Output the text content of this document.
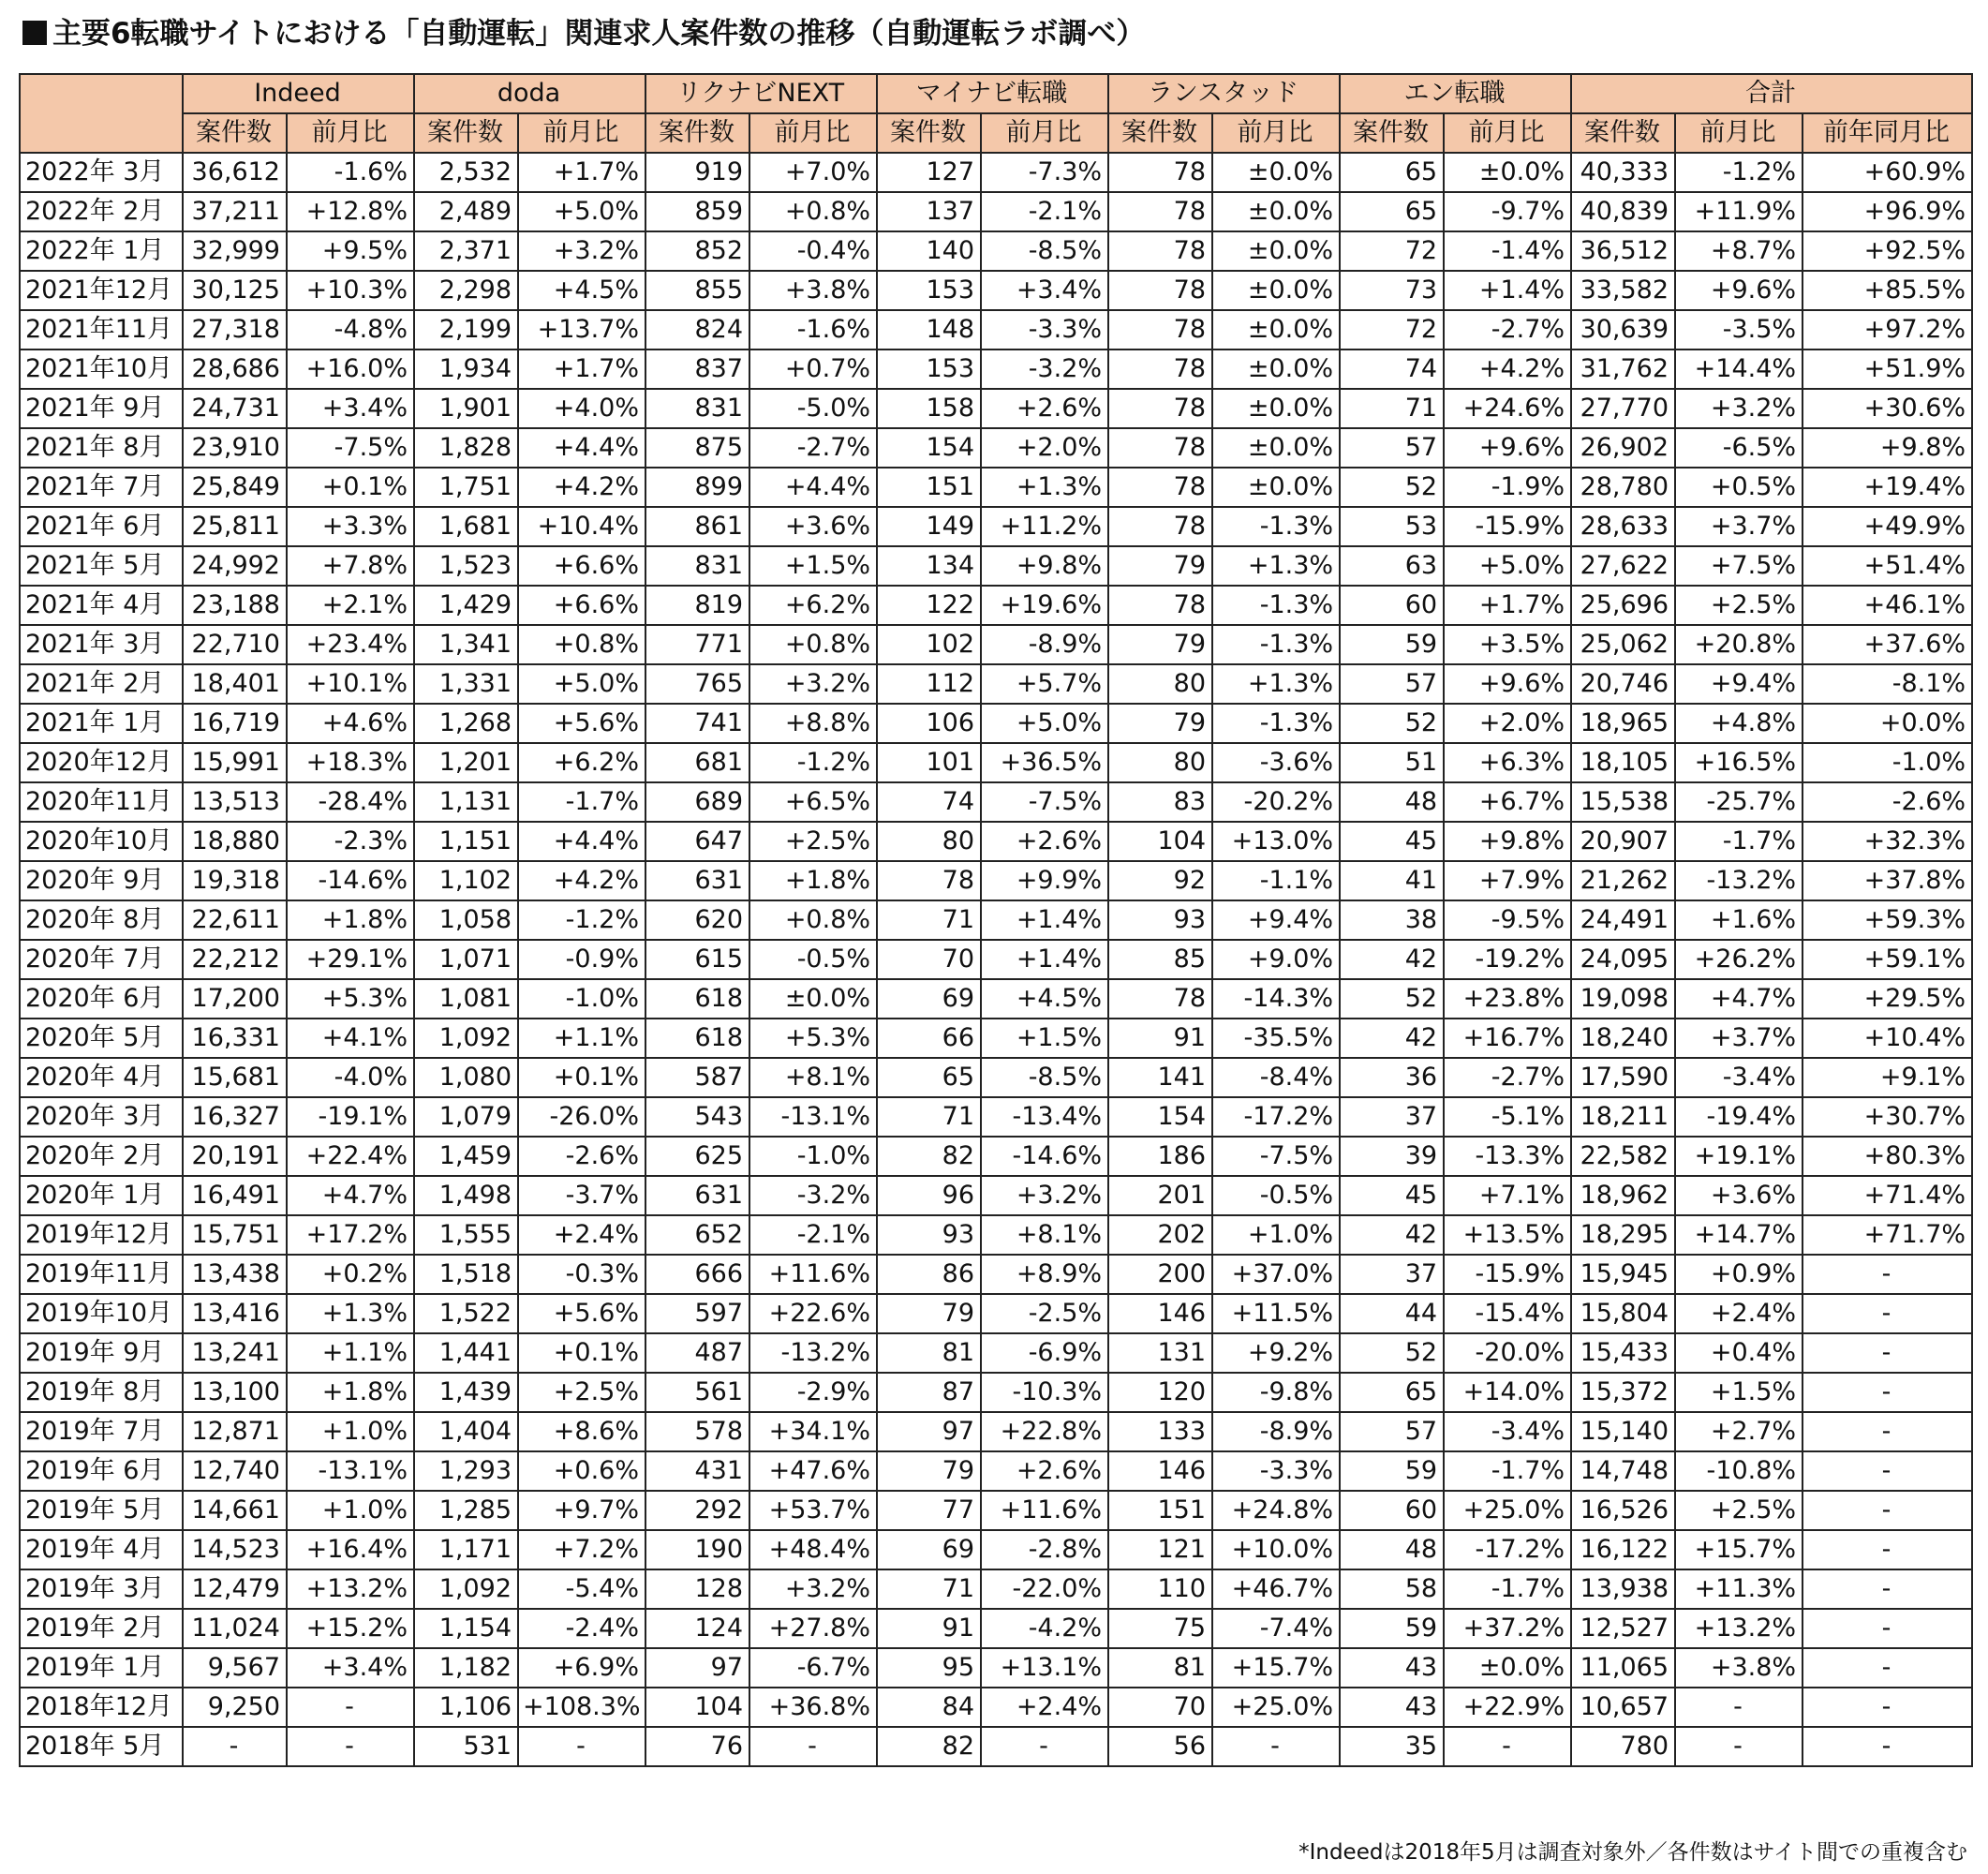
主要6転職サイトにおける「自動運転」関連求人案件数の推移（自動運転ラボ調べ）
	Indeed		doda		リクナビNEXT		マイナビ転職		ランスタッド		エン転職		合計		
	案件数	前月比	案件数	前月比	案件数	前月比	案件数	前月比	案件数	前月比	案件数	前月比	案件数	前月比	前年同月比
2022年 3月	36,612	-1.6%	2,532	+1.7%	919	+7.0%	127	-7.3%	78	±0.0%	65	±0.0%	40,333	-1.2%	+60.9%
2022年 2月	37,211	+12.8%	2,489	+5.0%	859	+0.8%	137	-2.1%	78	±0.0%	65	-9.7%	40,839	+11.9%	+96.9%
2022年 1月	32,999	+9.5%	2,371	+3.2%	852	-0.4%	140	-8.5%	78	±0.0%	72	-1.4%	36,512	+8.7%	+92.5%
2021年12月	30,125	+10.3%	2,298	+4.5%	855	+3.8%	153	+3.4%	78	±0.0%	73	+1.4%	33,582	+9.6%	+85.5%
2021年11月	27,318	-4.8%	2,199	+13.7%	824	-1.6%	148	-3.3%	78	±0.0%	72	-2.7%	30,639	-3.5%	+97.2%
2021年10月	28,686	+16.0%	1,934	+1.7%	837	+0.7%	153	-3.2%	78	±0.0%	74	+4.2%	31,762	+14.4%	+51.9%
2021年 9月	24,731	+3.4%	1,901	+4.0%	831	-5.0%	158	+2.6%	78	±0.0%	71	+24.6%	27,770	+3.2%	+30.6%
2021年 8月	23,910	-7.5%	1,828	+4.4%	875	-2.7%	154	+2.0%	78	±0.0%	57	+9.6%	26,902	-6.5%	+9.8%
2021年 7月	25,849	+0.1%	1,751	+4.2%	899	+4.4%	151	+1.3%	78	±0.0%	52	-1.9%	28,780	+0.5%	+19.4%
2021年 6月	25,811	+3.3%	1,681	+10.4%	861	+3.6%	149	+11.2%	78	-1.3%	53	-15.9%	28,633	+3.7%	+49.9%
2021年 5月	24,992	+7.8%	1,523	+6.6%	831	+1.5%	134	+9.8%	79	+1.3%	63	+5.0%	27,622	+7.5%	+51.4%
2021年 4月	23,188	+2.1%	1,429	+6.6%	819	+6.2%	122	+19.6%	78	-1.3%	60	+1.7%	25,696	+2.5%	+46.1%
2021年 3月	22,710	+23.4%	1,341	+0.8%	771	+0.8%	102	-8.9%	79	-1.3%	59	+3.5%	25,062	+20.8%	+37.6%
2021年 2月	18,401	+10.1%	1,331	+5.0%	765	+3.2%	112	+5.7%	80	+1.3%	57	+9.6%	20,746	+9.4%	-8.1%
2021年 1月	16,719	+4.6%	1,268	+5.6%	741	+8.8%	106	+5.0%	79	-1.3%	52	+2.0%	18,965	+4.8%	+0.0%
2020年12月	15,991	+18.3%	1,201	+6.2%	681	-1.2%	101	+36.5%	80	-3.6%	51	+6.3%	18,105	+16.5%	-1.0%
2020年11月	13,513	-28.4%	1,131	-1.7%	689	+6.5%	74	-7.5%	83	-20.2%	48	+6.7%	15,538	-25.7%	-2.6%
2020年10月	18,880	-2.3%	1,151	+4.4%	647	+2.5%	80	+2.6%	104	+13.0%	45	+9.8%	20,907	-1.7%	+32.3%
2020年 9月	19,318	-14.6%	1,102	+4.2%	631	+1.8%	78	+9.9%	92	-1.1%	41	+7.9%	21,262	-13.2%	+37.8%
2020年 8月	22,611	+1.8%	1,058	-1.2%	620	+0.8%	71	+1.4%	93	+9.4%	38	-9.5%	24,491	+1.6%	+59.3%
2020年 7月	22,212	+29.1%	1,071	-0.9%	615	-0.5%	70	+1.4%	85	+9.0%	42	-19.2%	24,095	+26.2%	+59.1%
2020年 6月	17,200	+5.3%	1,081	-1.0%	618	±0.0%	69	+4.5%	78	-14.3%	52	+23.8%	19,098	+4.7%	+29.5%
2020年 5月	16,331	+4.1%	1,092	+1.1%	618	+5.3%	66	+1.5%	91	-35.5%	42	+16.7%	18,240	+3.7%	+10.4%
2020年 4月	15,681	-4.0%	1,080	+0.1%	587	+8.1%	65	-8.5%	141	-8.4%	36	-2.7%	17,590	-3.4%	+9.1%
2020年 3月	16,327	-19.1%	1,079	-26.0%	543	-13.1%	71	-13.4%	154	-17.2%	37	-5.1%	18,211	-19.4%	+30.7%
2020年 2月	20,191	+22.4%	1,459	-2.6%	625	-1.0%	82	-14.6%	186	-7.5%	39	-13.3%	22,582	+19.1%	+80.3%
2020年 1月	16,491	+4.7%	1,498	-3.7%	631	-3.2%	96	+3.2%	201	-0.5%	45	+7.1%	18,962	+3.6%	+71.4%
2019年12月	15,751	+17.2%	1,555	+2.4%	652	-2.1%	93	+8.1%	202	+1.0%	42	+13.5%	18,295	+14.7%	+71.7%
2019年11月	13,438	+0.2%	1,518	-0.3%	666	+11.6%	86	+8.9%	200	+37.0%	37	-15.9%	15,945	+0.9%	-
2019年10月	13,416	+1.3%	1,522	+5.6%	597	+22.6%	79	-2.5%	146	+11.5%	44	-15.4%	15,804	+2.4%	-
2019年 9月	13,241	+1.1%	1,441	+0.1%	487	-13.2%	81	-6.9%	131	+9.2%	52	-20.0%	15,433	+0.4%	-
2019年 8月	13,100	+1.8%	1,439	+2.5%	561	-2.9%	87	-10.3%	120	-9.8%	65	+14.0%	15,372	+1.5%	-
2019年 7月	12,871	+1.0%	1,404	+8.6%	578	+34.1%	97	+22.8%	133	-8.9%	57	-3.4%	15,140	+2.7%	-
2019年 6月	12,740	-13.1%	1,293	+0.6%	431	+47.6%	79	+2.6%	146	-3.3%	59	-1.7%	14,748	-10.8%	-
2019年 5月	14,661	+1.0%	1,285	+9.7%	292	+53.7%	77	+11.6%	151	+24.8%	60	+25.0%	16,526	+2.5%	-
2019年 4月	14,523	+16.4%	1,171	+7.2%	190	+48.4%	69	-2.8%	121	+10.0%	48	-17.2%	16,122	+15.7%	-
2019年 3月	12,479	+13.2%	1,092	-5.4%	128	+3.2%	71	-22.0%	110	+46.7%	58	-1.7%	13,938	+11.3%	-
2019年 2月	11,024	+15.2%	1,154	-2.4%	124	+27.8%	91	-4.2%	75	-7.4%	59	+37.2%	12,527	+13.2%	-
2019年 1月	9,567	+3.4%	1,182	+6.9%	97	-6.7%	95	+13.1%	81	+15.7%	43	±0.0%	11,065	+3.8%	-
2018年12月	9,250	-	1,106	+108.3%	104	+36.8%	84	+2.4%	70	+25.0%	43	+22.9%	10,657	-	-
2018年 5月	-	-	531	-	76	-	82	-	56	-	35	-	780	-	-
*Indeedは2018年5月は調査対象外／各件数はサイト間での重複含む
